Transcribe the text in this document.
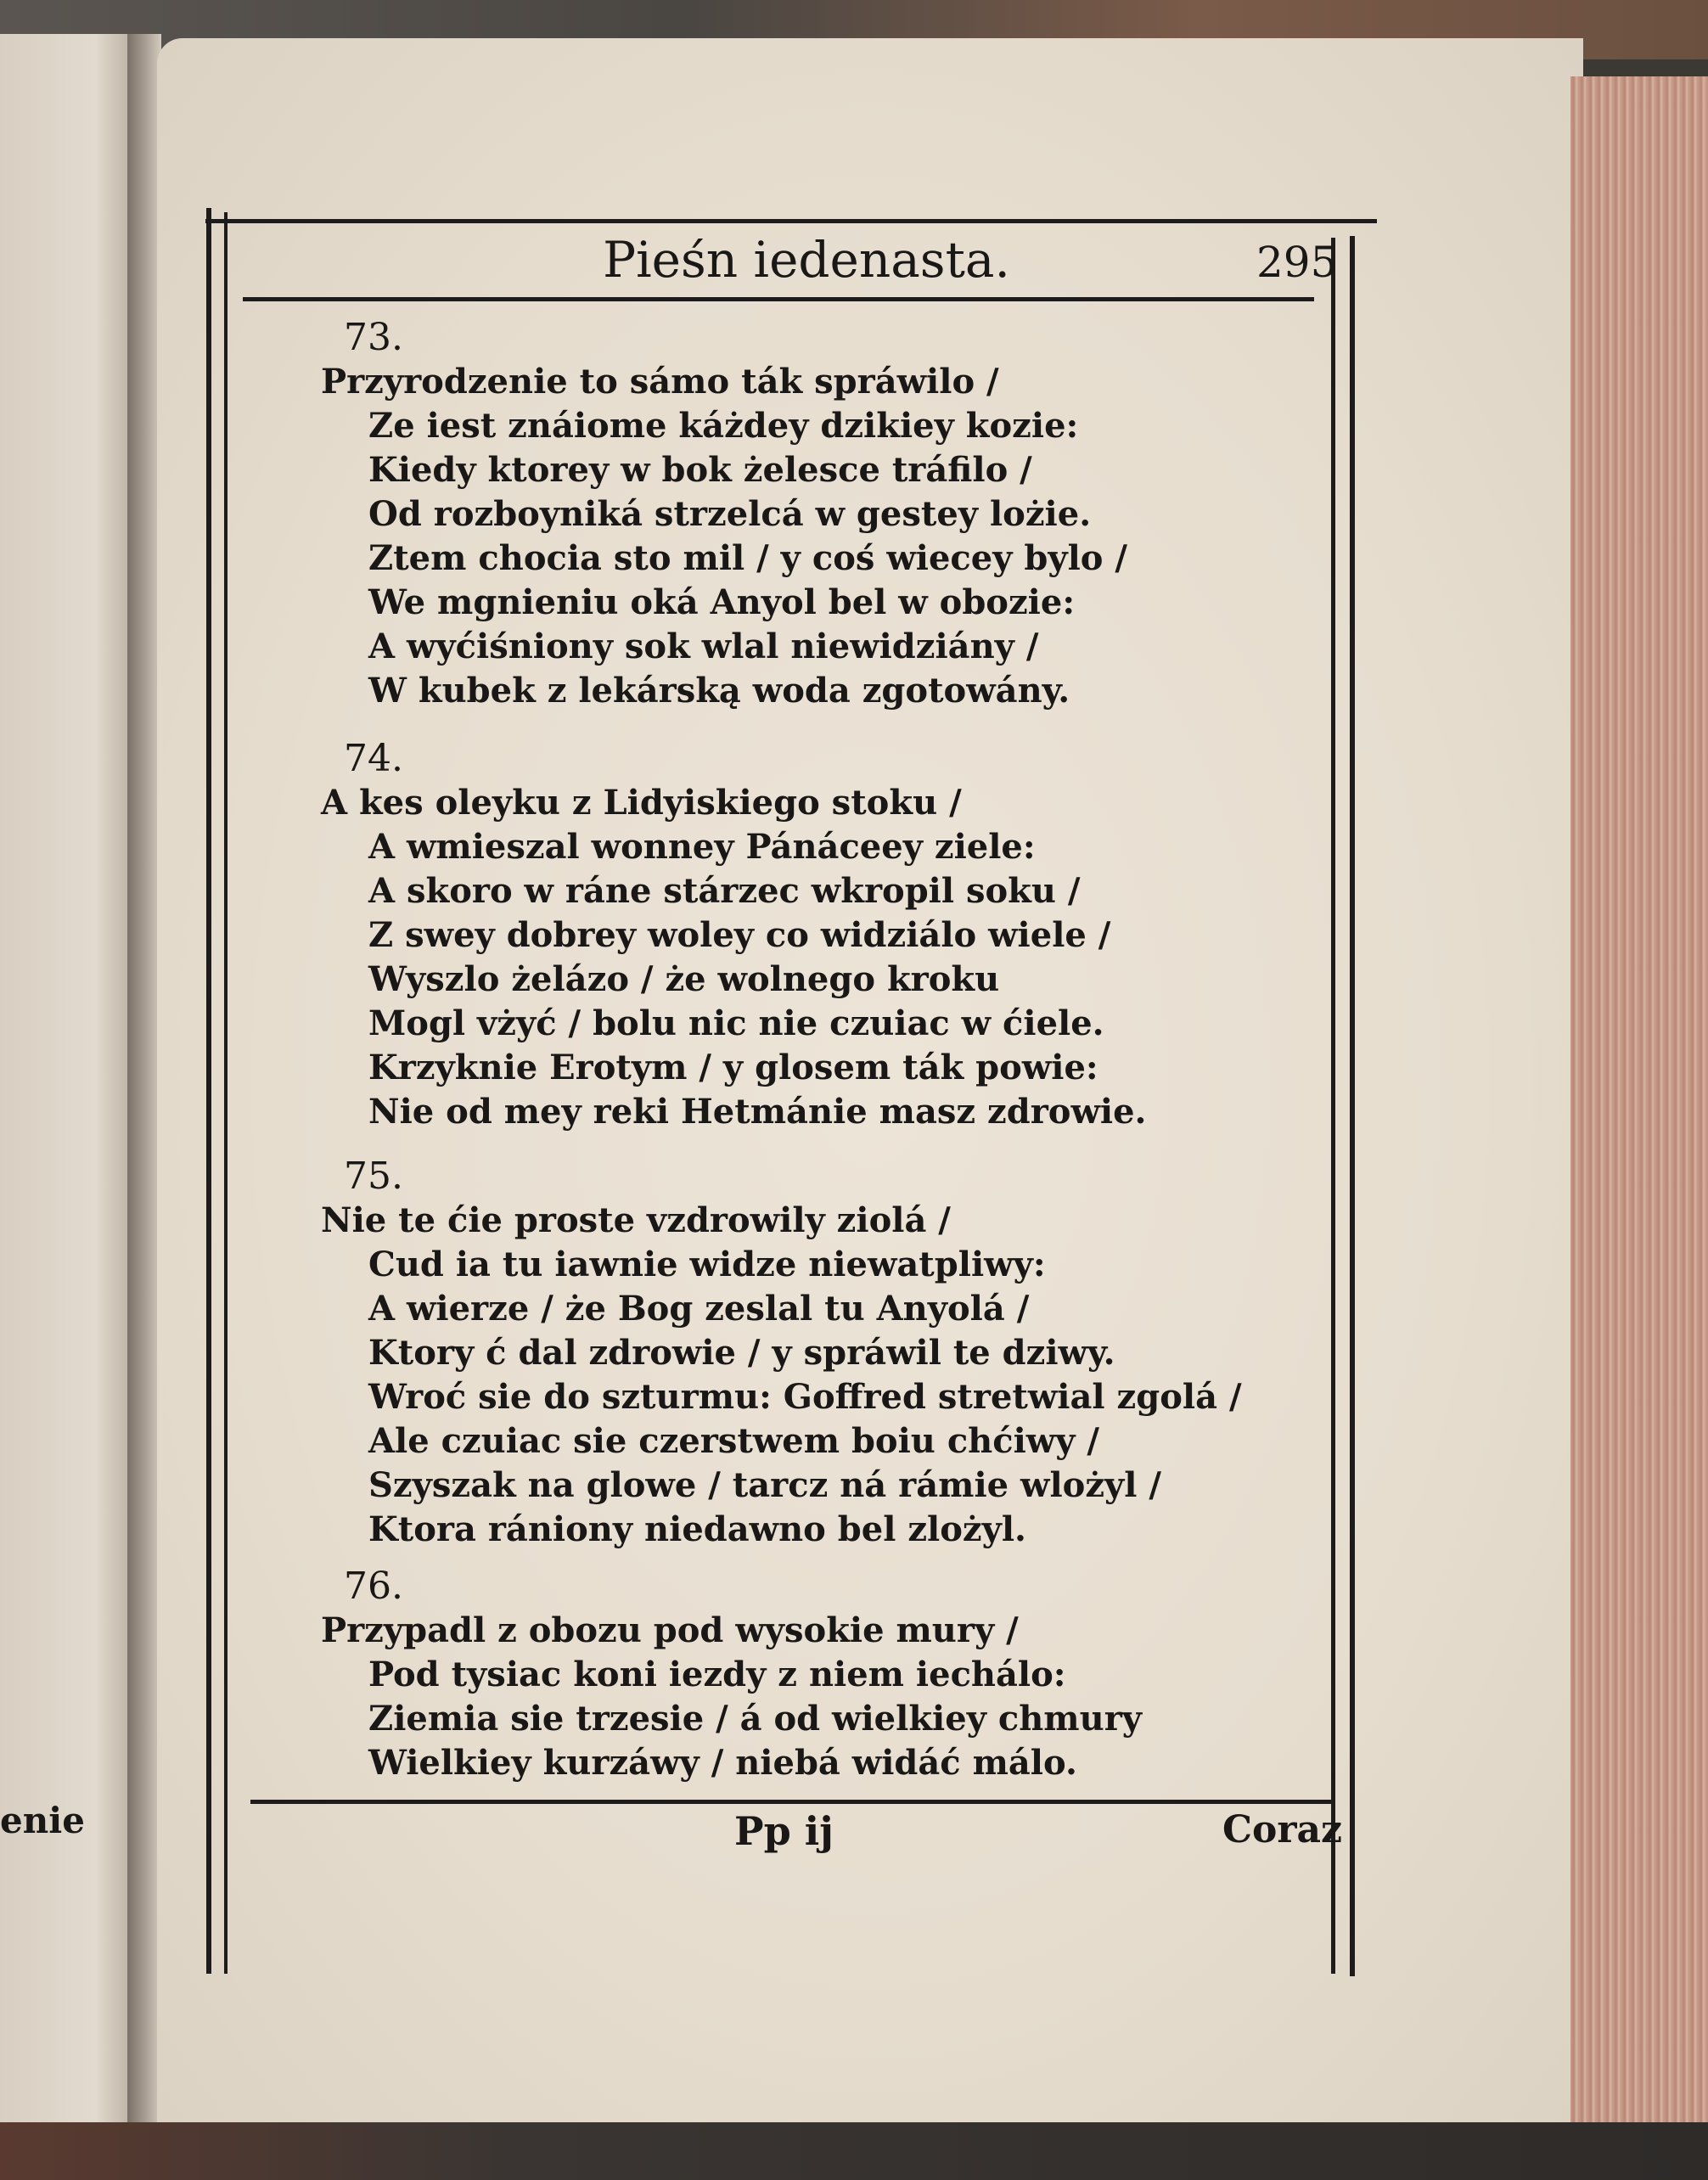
enie
Pieśn iedenasta.	295
73.
Przyrodzenie to sámo ták spráwilo /
Ze iest znáiome káżdey dzikiey kozie:
Kiedy ktorey w bok żelesce tráfilo /
Od rozboyniká strzelcá w gestey lożie.
Ztem chocia sto mil / y coś wiecey bylo /
We mgnieniu oká Anyol bel w obozie:
A wyćiśniony sok wlal niewidziány /
W kubek z lekárską woda zgotowány.
74.
A kes oleyku z Lidyiskiego stoku /
A wmieszal wonney Pánáceey ziele:
A skoro w ráne stárzec wkropil soku /
Z swey dobrey woley co widziálo wiele /
Wyszlo żelázo / że wolnego kroku
Mogl vżyć / bolu nic nie czuiac w ćiele.
Krzyknie Erotym / y glosem ták powie:
Nie od mey reki Hetmánie masz zdrowie.
75.
Nie te ćie proste vzdrowily ziolá /
Cud ia tu iawnie widze niewatpliwy:
A wierze / że Bog zeslal tu Anyolá /
Ktory ć dal zdrowie / y spráwil te dziwy.
Wroć sie do szturmu: Goffred stretwial zgolá /
Ale czuiac sie czerstwem boiu chćiwy /
Szyszak na glowe / tarcz ná rámie wlożyl /
Ktora rániony niedawno bel zlożyl.
76.
Przypadl z obozu pod wysokie mury /
Pod tysiac koni iezdy z niem iechálo:
Ziemia sie trzesie / á od wielkiey chmury
Wielkiey kurzáwy / niebá widáć málo.
Pp ij	Coraz
